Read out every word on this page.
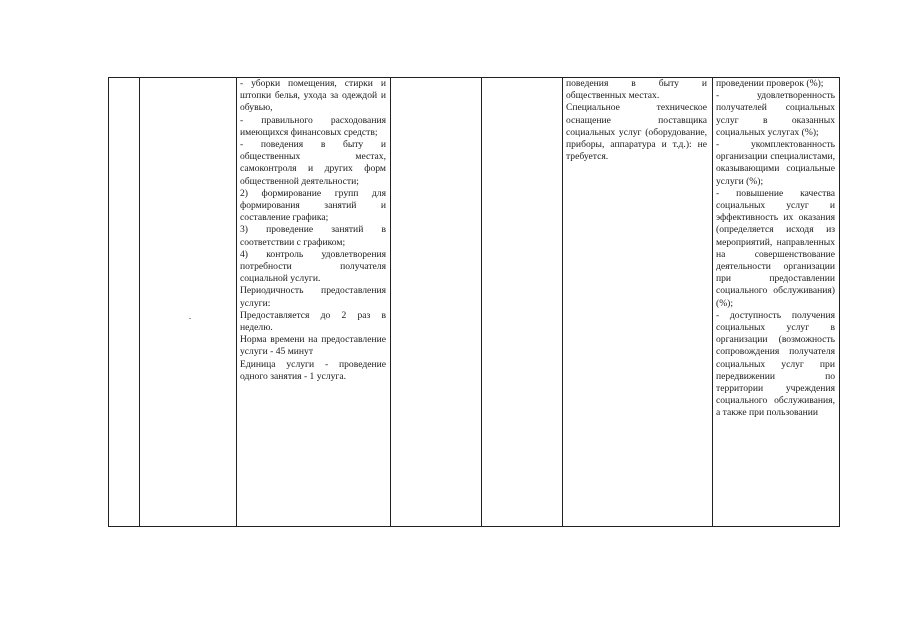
- уборки помещения, стирки и штопки белья, ухода за одеждой и обувью,

- правильного расходования имеющихся финансовых средств;

- поведения в быту и общественных местах, самоконтроля и других форм общественной деятельности;

2) формирование групп для формирования занятий и составление графика;

3) проведение занятий в соответствии с графиком;

4) контроль удовлетворения потребности получателя социальной услуги.

Периодичность предоставления услуги:

Предоставляется до 2 раз в неделю.

Норма времени на предоставление услуги - 45 минут

Единица услуги - проведение одного занятия - 1 услуга.

поведения в быту и общественных местах.

Специальное техническое оснащение поставщика социальных услуг (оборудование, приборы, аппаратура и т.д.): не требуется.

проведении проверок (%);

- удовлетворенность получателей социальных услуг в оказанных социальных услугах (%);

- укомплектованность организации специалистами, оказывающими социальные услуги (%);

- повышение качества социальных услуг и эффективность их оказания (определяется исходя из мероприятий, направленных на совершенствование деятельности организации при предоставлении социального обслуживания) (%);

- доступность получения социальных услуг в организации (возможность сопровождения получателя социальных услуг при передвижении по территории учреждения социального обслуживания, а также при пользовании
